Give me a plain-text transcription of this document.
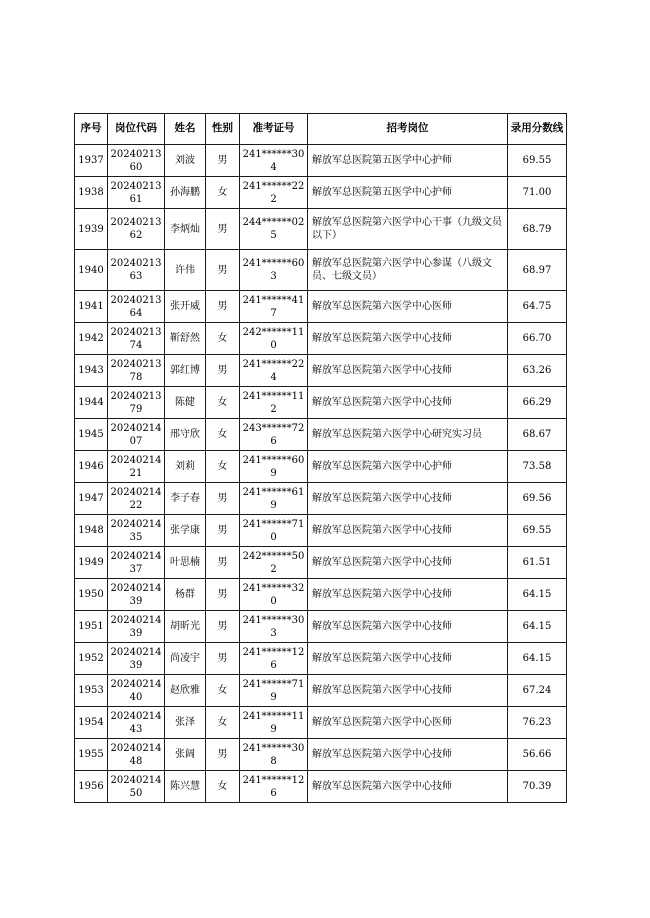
序号	岗位代码	姓名	性别	准考证号	招考岗位	录用分数线
1937	2024021360	刘波	男	241******304	解放军总医院第五医学中心护师	69.55
1938	2024021361	孙海鹏	女	241******222	解放军总医院第五医学中心护师	71.00
1939	2024021362	李炳灿	男	244******025	解放军总医院第六医学中心干事（九级文员以下）	68.79
1940	2024021363	许伟	男	241******603	解放军总医院第六医学中心参谋（八级文员、七级文员）	68.97
1941	2024021364	张开威	男	241******417	解放军总医院第六医学中心医师	64.75
1942	2024021374	靳舒然	女	242******110	解放军总医院第六医学中心技师	66.70
1943	2024021378	郭红博	男	241******224	解放军总医院第六医学中心技师	63.26
1944	2024021379	陈健	女	241******112	解放军总医院第六医学中心技师	66.29
1945	2024021407	邢守欣	女	243******726	解放军总医院第六医学中心研究实习员	68.67
1946	2024021421	刘莉	女	241******609	解放军总医院第六医学中心护师	73.58
1947	2024021422	李子春	男	241******619	解放军总医院第六医学中心技师	69.56
1948	2024021435	张学康	男	241******710	解放军总医院第六医学中心技师	69.55
1949	2024021437	叶思楠	男	242******502	解放军总医院第六医学中心技师	61.51
1950	2024021439	杨群	男	241******320	解放军总医院第六医学中心技师	64.15
1951	2024021439	胡昕光	男	241******303	解放军总医院第六医学中心技师	64.15
1952	2024021439	尚凌宇	男	241******126	解放军总医院第六医学中心技师	64.15
1953	2024021440	赵欣雅	女	241******719	解放军总医院第六医学中心技师	67.24
1954	2024021443	张泽	女	241******119	解放军总医院第六医学中心医师	76.23
1955	2024021448	张阔	男	241******308	解放军总医院第六医学中心技师	56.66
1956	2024021450	陈兴慧	女	241******126	解放军总医院第六医学中心技师	70.39
